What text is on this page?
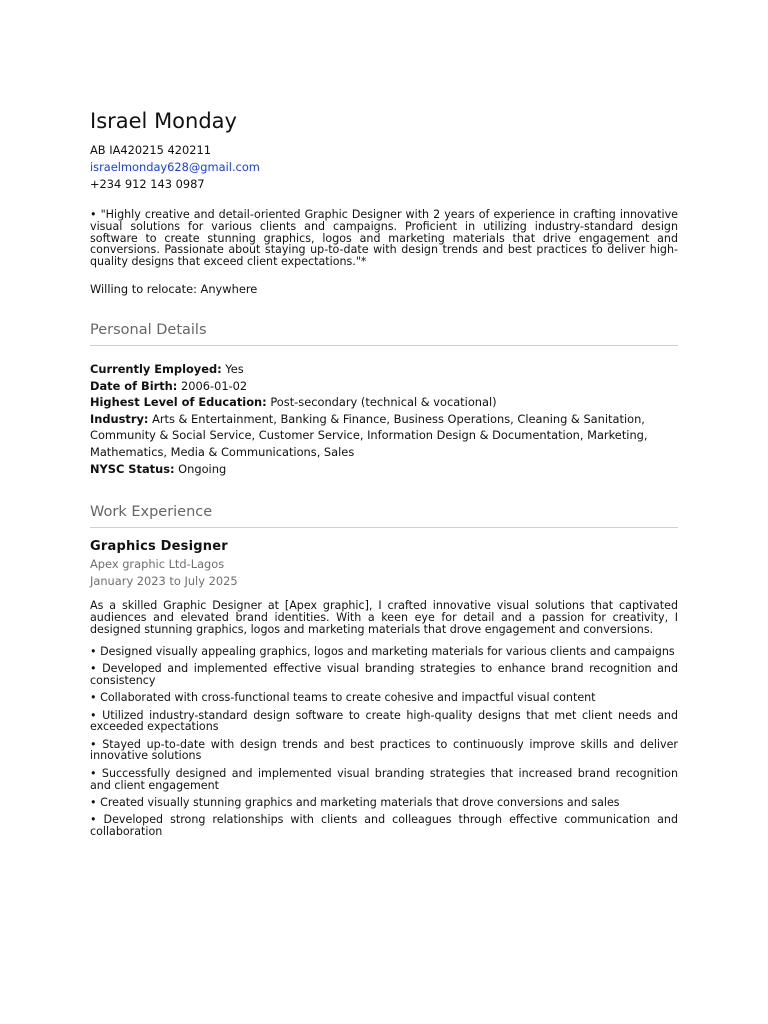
Israel Monday

AB IA420215 420211

israelmonday628@gmail.com

+234 912 143 0987

• "Highly creative and detail-oriented Graphic Designer with 2 years of experience in crafting innovative visual solutions for various clients and campaigns. Proficient in utilizing industry-standard design software to create stunning graphics, logos and marketing materials that drive engagement and conversions. Passionate about staying up-to-date with design trends and best practices to deliver high-quality designs that exceed client expectations."*
Willing to relocate: Anywhere
Personal Details

Currently Employed: Yes

Date of Birth: 2006-01-02

Highest Level of Education: Post-secondary (technical & vocational)

Industry: Arts & Entertainment, Banking & Finance, Business Operations, Cleaning & Sanitation, Community & Social Service, Customer Service, Information Design & Documentation, Marketing, Mathematics, Media & Communications, Sales

NYSC Status: Ongoing

Work Experience
Graphics Designer
Apex graphic Ltd-Lagos
January 2023 to July 2025
As a skilled Graphic Designer at [Apex graphic], I crafted innovative visual solutions that captivated audiences and elevated brand identities. With a keen eye for detail and a passion for creativity, I designed stunning graphics, logos and marketing materials that drove engagement and conversions.
• Designed visually appealing graphics, logos and marketing materials for various clients and campaigns
• Developed and implemented effective visual branding strategies to enhance brand recognition and consistency
• Collaborated with cross-functional teams to create cohesive and impactful visual content
• Utilized industry-standard design software to create high-quality designs that met client needs and exceeded expectations
• Stayed up-to-date with design trends and best practices to continuously improve skills and deliver innovative solutions
• Successfully designed and implemented visual branding strategies that increased brand recognition and client engagement
• Created visually stunning graphics and marketing materials that drove conversions and sales
• Developed strong relationships with clients and colleagues through effective communication and collaboration
